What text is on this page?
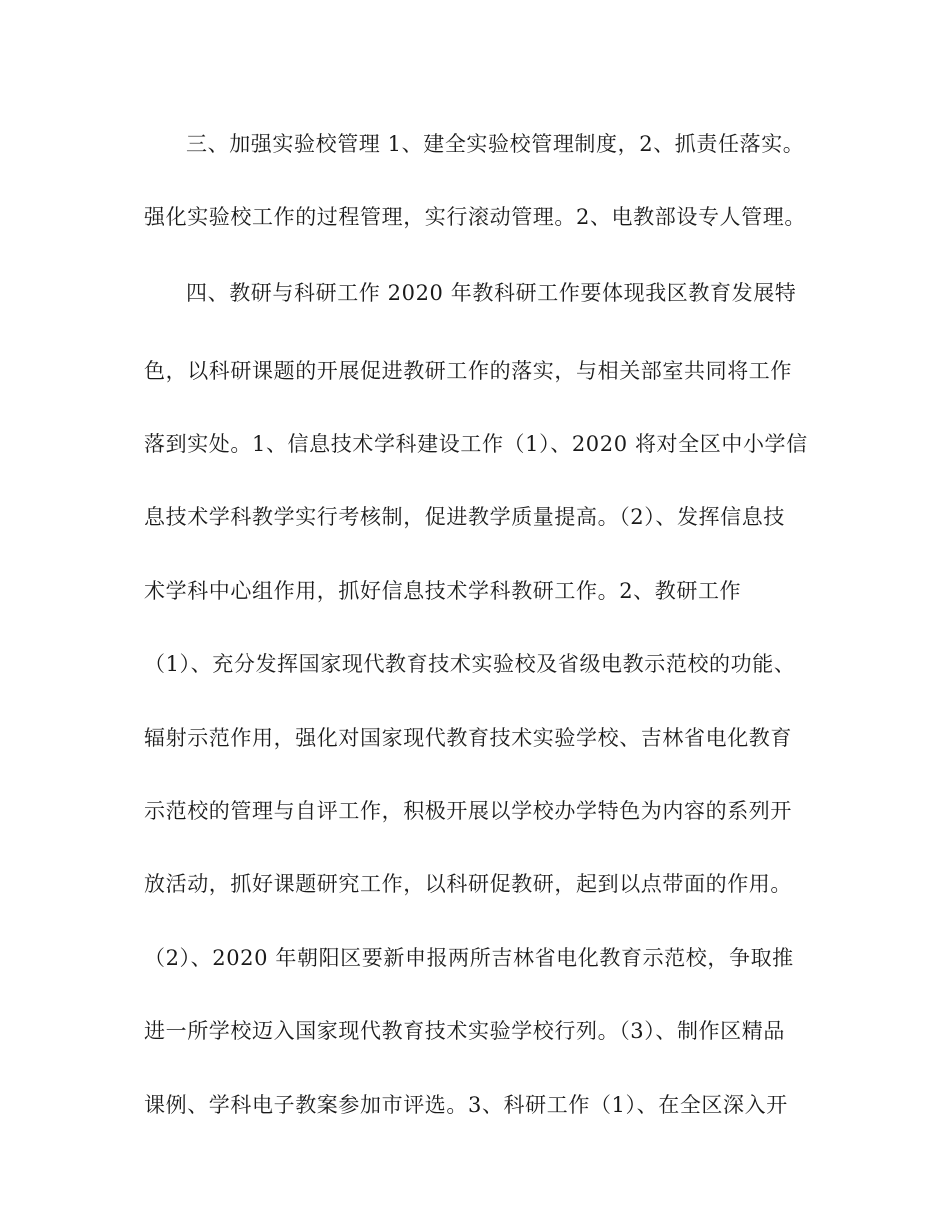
三、加强实验校管理 1、建全实验校管理制度，2、抓责任落实。
强化实验校工作的过程管理，实行滚动管理。2、电教部设专人管理。
四、教研与科研工作 2020 年教科研工作要体现我区教育发展特
色，以科研课题的开展促进教研工作的落实，与相关部室共同将工作
落到实处。1、信息技术学科建设工作（1）、2020 将对全区中小学信
息技术学科教学实行考核制，促进教学质量提高。（2）、发挥信息技
术学科中心组作用，抓好信息技术学科教研工作。2、教研工作
（1）、充分发挥国家现代教育技术实验校及省级电教示范校的功能、
辐射示范作用，强化对国家现代教育技术实验学校、吉林省电化教育
示范校的管理与自评工作，积极开展以学校办学特色为内容的系列开
放活动，抓好课题研究工作，以科研促教研，起到以点带面的作用。
（2）、2020 年朝阳区要新申报两所吉林省电化教育示范校，争取推
进一所学校迈入国家现代教育技术实验学校行列。（3）、制作区精品
课例、学科电子教案参加市评选。3、科研工作（1）、在全区深入开
